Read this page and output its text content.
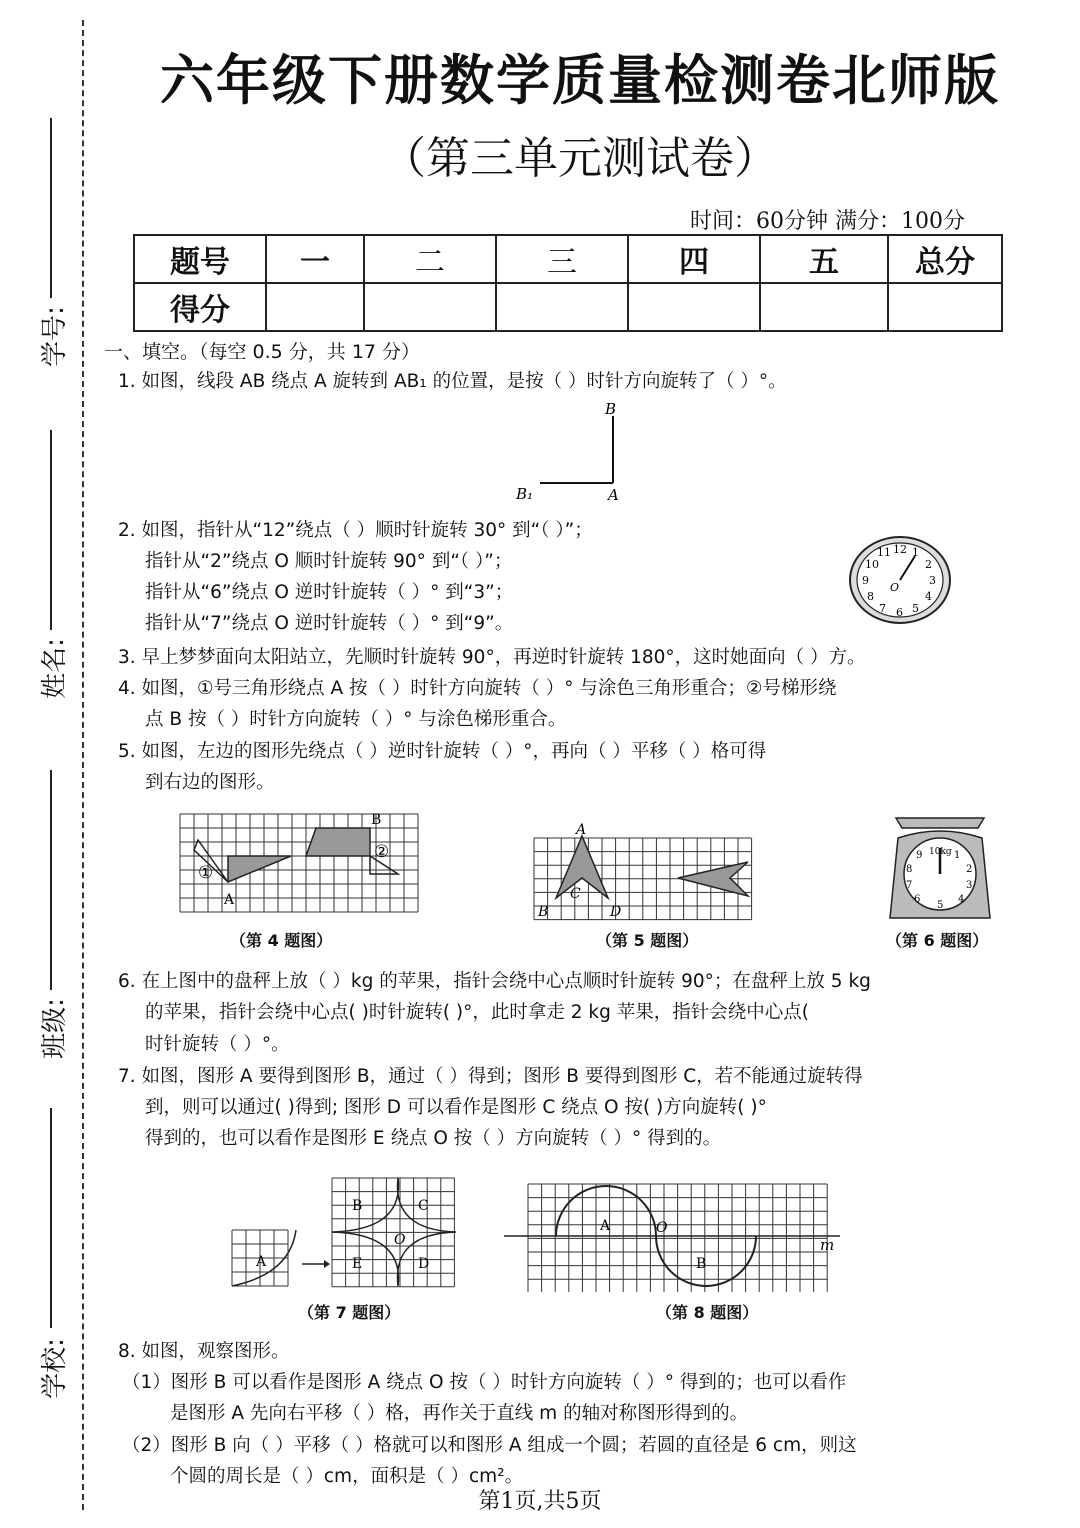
学号:
姓名:
班级:
学校:
六年级下册数学质量检测卷北师版
（第三单元测试卷）
时间：60分钟 满分：100分
题号	一	二	三	四	五	总分
得分						
一、填空。（每空 0.5 分，共 17 分）
1. 如图，线段 AB 绕点 A 旋转到 AB₁ 的位置，是按（ ）时针方向旋转了（ ）°。
B
B₁	A
2. 如图，指针从“12”绕点（ ）顺时针旋转 30° 到“（ ）”；
指针从“2”绕点 O 顺时针旋转 90° 到“（ ）”；
指针从“6”绕点 O 逆时针旋转（ ）° 到“3”；
指针从“7”绕点 O 逆时针旋转（ ）° 到“9”。
12 1
2
3
4
5
6
7
8
9
10
11
O
3. 早上梦梦面向太阳站立，先顺时针旋转 90°，再逆时针旋转 180°，这时她面向（ ）方。
4. 如图，①号三角形绕点 A 按（ ）时针方向旋转（ ）° 与涂色三角形重合；②号梯形绕
点 B 按（ ）时针方向旋转（ ）° 与涂色梯形重合。
5. 如图，左边的图形先绕点（ ）逆时针旋转（ ）°，再向（ ）平移（ ）格可得
到右边的图形。
①
A
②
B
（第 4 题图）
A
C
B	D
（第 5 题图）
10kg 1
2
3
4
5
6
7
8
9
（第 6 题图）
6. 在上图中的盘秤上放（ ）kg 的苹果，指针会绕中心点顺时针旋转 90°；在盘秤上放 5 kg
的苹果，指针会绕中心点( )时针旋转( )°，此时拿走 2 kg 苹果，指针会绕中心点(
时针旋转（ ）°。
7. 如图，图形 A 要得到图形 B，通过（ ）得到；图形 B 要得到图形 C，若不能通过旋转得
到，则可以通过( )得到; 图形 D 可以看作是图形 C 绕点 O 按( )方向旋转( )°
得到的，也可以看作是图形 E 绕点 O 按（ ）方向旋转（ ）° 得到的。
A
B	C
O
E	D
（第 7 题图）
A	O
B
m
（第 8 题图）
8. 如图，观察图形。
（1）图形 B 可以看作是图形 A 绕点 O 按（ ）时针方向旋转（ ）° 得到的；也可以看作
是图形 A 先向右平移（ ）格，再作关于直线 m 的轴对称图形得到的。
（2）图形 B 向（ ）平移（ ）格就可以和图形 A 组成一个圆；若圆的直径是 6 cm，则这
个圆的周长是（ ）cm，面积是（ ）cm²。
第1页,共5页
